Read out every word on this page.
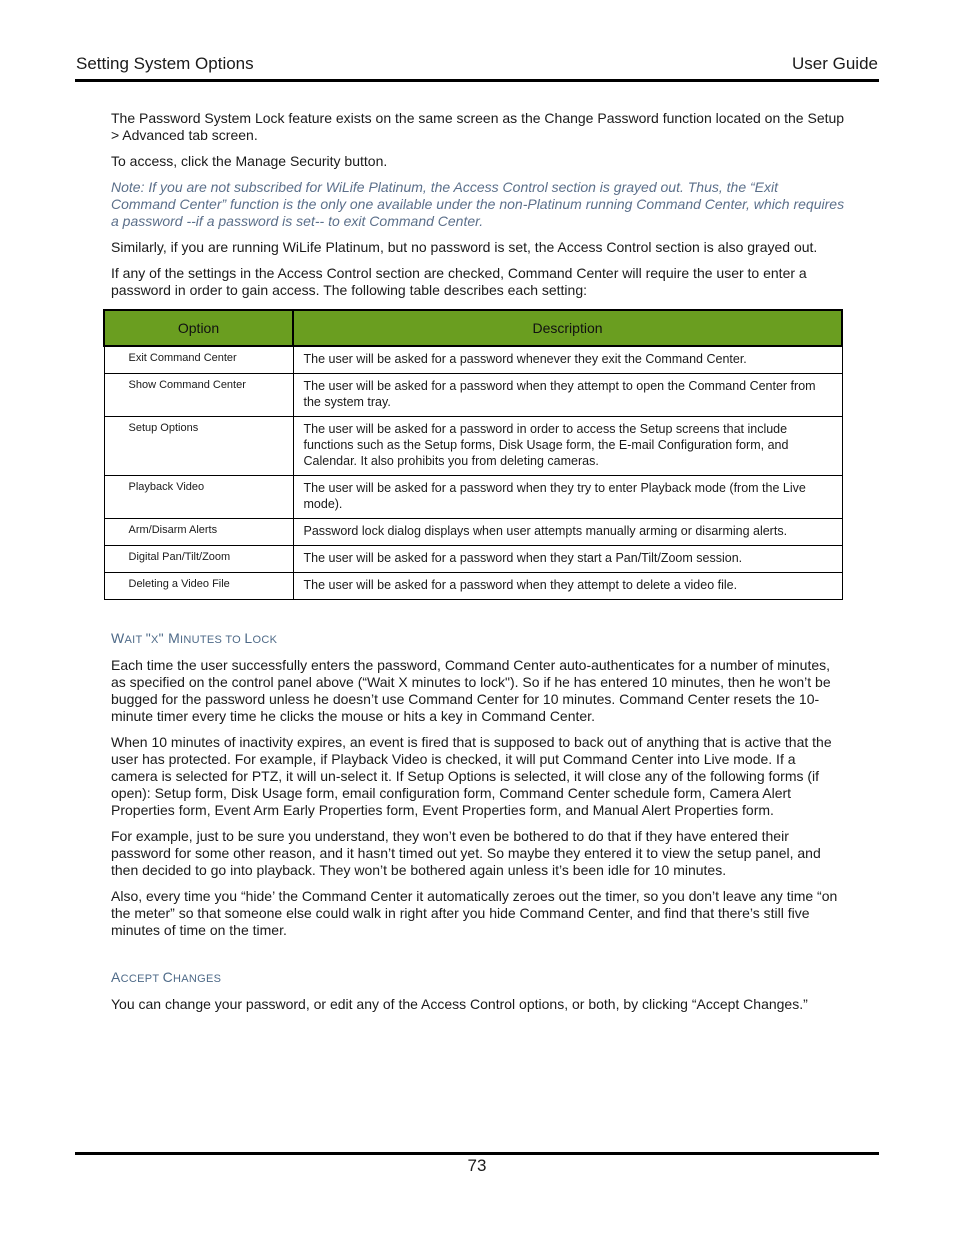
Setting System Options	User Guide

The Password System Lock feature exists on the same screen as the Change Password function located on the Setup > Advanced tab screen.

To access, click the Manage Security button.

Note: If you are not subscribed for WiLife Platinum, the Access Control section is grayed out. Thus, the “Exit Command Center” function is the only one available under the non-Platinum running Command Center, which requires a password --if a password is set-- to exit Command Center.

Similarly, if you are running WiLife Platinum, but no password is set, the Access Control section is also grayed out.

If any of the settings in the Access Control section are checked, Command Center will require the user to enter a password in order to gain access. The following table describes each setting:

Option	Description
Exit Command Center	The user will be asked for a password whenever they exit the Command Center.
Show Command Center	The user will be asked for a password when they attempt to open the Command Center from the system tray.
Setup Options	The user will be asked for a password in order to access the Setup screens that include functions such as the Setup forms, Disk Usage form, the E-mail Configuration form, and Calendar. It also prohibits you from deleting cameras.
Playback Video	The user will be asked for a password when they try to enter Playback mode (from the Live mode).
Arm/Disarm Alerts	Password lock dialog displays when user attempts manually arming or disarming alerts.
Digital Pan/Tilt/Zoom	The user will be asked for a password when they start a Pan/Tilt/Zoom session.
Deleting a Video File	The user will be asked for a password when they attempt to delete a video file.
WAIT "X" MINUTES TO LOCK

Each time the user successfully enters the password, Command Center auto-authenticates for a number of minutes, as specified on the control panel above (“Wait X minutes to lock"). So if he has entered 10 minutes, then he won’t be bugged for the password unless he doesn’t use Command Center for 10 minutes. Command Center resets the 10-minute timer every time he clicks the mouse or hits a key in Command Center.

When 10 minutes of inactivity expires, an event is fired that is supposed to back out of anything that is active that the user has protected. For example, if Playback Video is checked, it will put Command Center into Live mode. If a camera is selected for PTZ, it will un-select it. If Setup Options is selected, it will close any of the following forms (if open): Setup form, Disk Usage form, email configuration form, Command Center schedule form, Camera Alert Properties form, Event Arm Early Properties form, Event Properties form, and Manual Alert Properties form.

For example, just to be sure you understand, they won’t even be bothered to do that if they have entered their password for some other reason, and it hasn’t timed out yet. So maybe they entered it to view the setup panel, and then decided to go into playback. They won’t be bothered again unless it’s been idle for 10 minutes.

Also, every time you “hide’ the Command Center it automatically zeroes out the timer, so you don’t leave any time “on the meter” so that someone else could walk in right after you hide Command Center, and find that there’s still five minutes of time on the timer.

ACCEPT CHANGES

You can change your password, or edit any of the Access Control options, or both, by clicking “Accept Changes.”

73
